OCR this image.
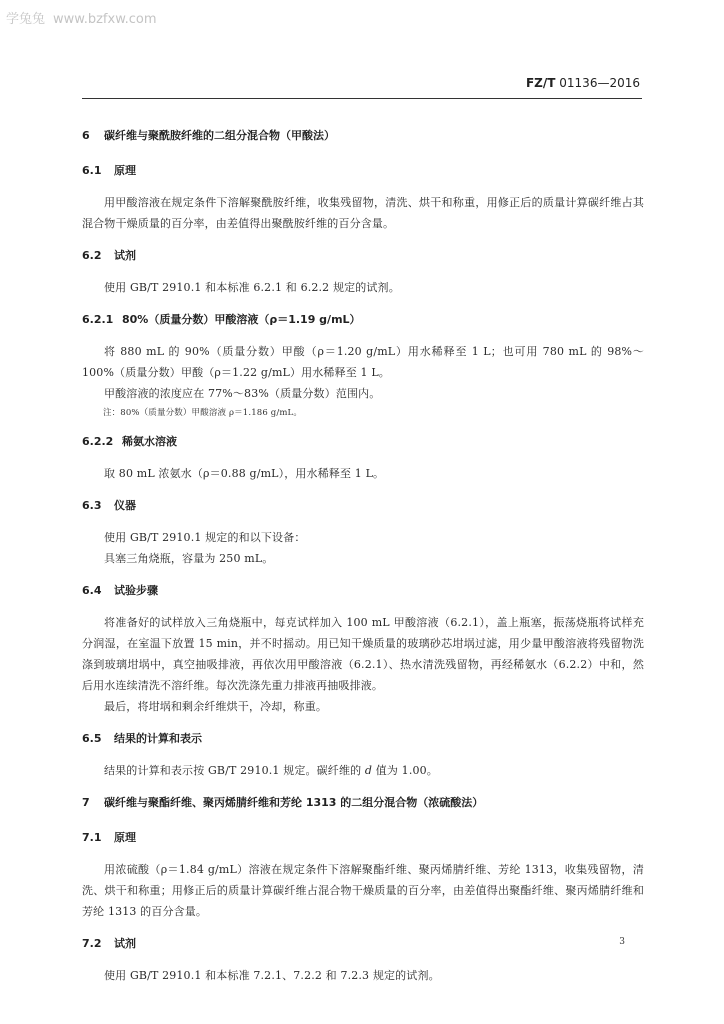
学兔兔 www.bzfxw.com
FZ/T 01136—2016
6 碳纤维与聚酰胺纤维的二组分混合物（甲酸法）
6.1 原理

用甲酸溶液在规定条件下溶解聚酰胺纤维，收集残留物，清洗、烘干和称重，用修正后的质量计算碳纤维占其混合物干燥质量的百分率，由差值得出聚酰胺纤维的百分含量。

6.2 试剂

使用 GB/T 2910.1 和本标准 6.2.1 和 6.2.2 规定的试剂。

6.2.1 80%（质量分数）甲酸溶液（ρ＝1.19 g/mL）

将 880 mL 的 90%（质量分数）甲酸（ρ＝1.20 g/mL）用水稀释至 1 L；也可用 780 mL 的 98%～100%（质量分数）甲酸（ρ＝1.22 g/mL）用水稀释至 1 L。

甲酸溶液的浓度应在 77%～83%（质量分数）范围内。

注：80%（质量分数）甲酸溶液 ρ＝1.186 g/mL。

6.2.2 稀氨水溶液

取 80 mL 浓氨水（ρ＝0.88 g/mL），用水稀释至 1 L。

6.3 仪器

使用 GB/T 2910.1 规定的和以下设备：

具塞三角烧瓶，容量为 250 mL。

6.4 试验步骤

将准备好的试样放入三角烧瓶中，每克试样加入 100 mL 甲酸溶液（6.2.1），盖上瓶塞，振荡烧瓶将试样充分润湿，在室温下放置 15 min，并不时摇动。用已知干燥质量的玻璃砂芯坩埚过滤，用少量甲酸溶液将残留物洗涤到玻璃坩埚中，真空抽吸排液，再依次用甲酸溶液（6.2.1）、热水清洗残留物，再经稀氨水（6.2.2）中和，然后用水连续清洗不溶纤维。每次洗涤先重力排液再抽吸排液。

最后，将坩埚和剩余纤维烘干，冷却，称重。

6.5 结果的计算和表示

结果的计算和表示按 GB/T 2910.1 规定。碳纤维的 d 值为 1.00。

7 碳纤维与聚酯纤维、聚丙烯腈纤维和芳纶 1313 的二组分混合物（浓硫酸法）
7.1 原理

用浓硫酸（ρ＝1.84 g/mL）溶液在规定条件下溶解聚酯纤维、聚丙烯腈纤维、芳纶 1313，收集残留物，清洗、烘干和称重；用修正后的质量计算碳纤维占混合物干燥质量的百分率，由差值得出聚酯纤维、聚丙烯腈纤维和芳纶 1313 的百分含量。

7.2 试剂

使用 GB/T 2910.1 和本标准 7.2.1、7.2.2 和 7.2.3 规定的试剂。

3
